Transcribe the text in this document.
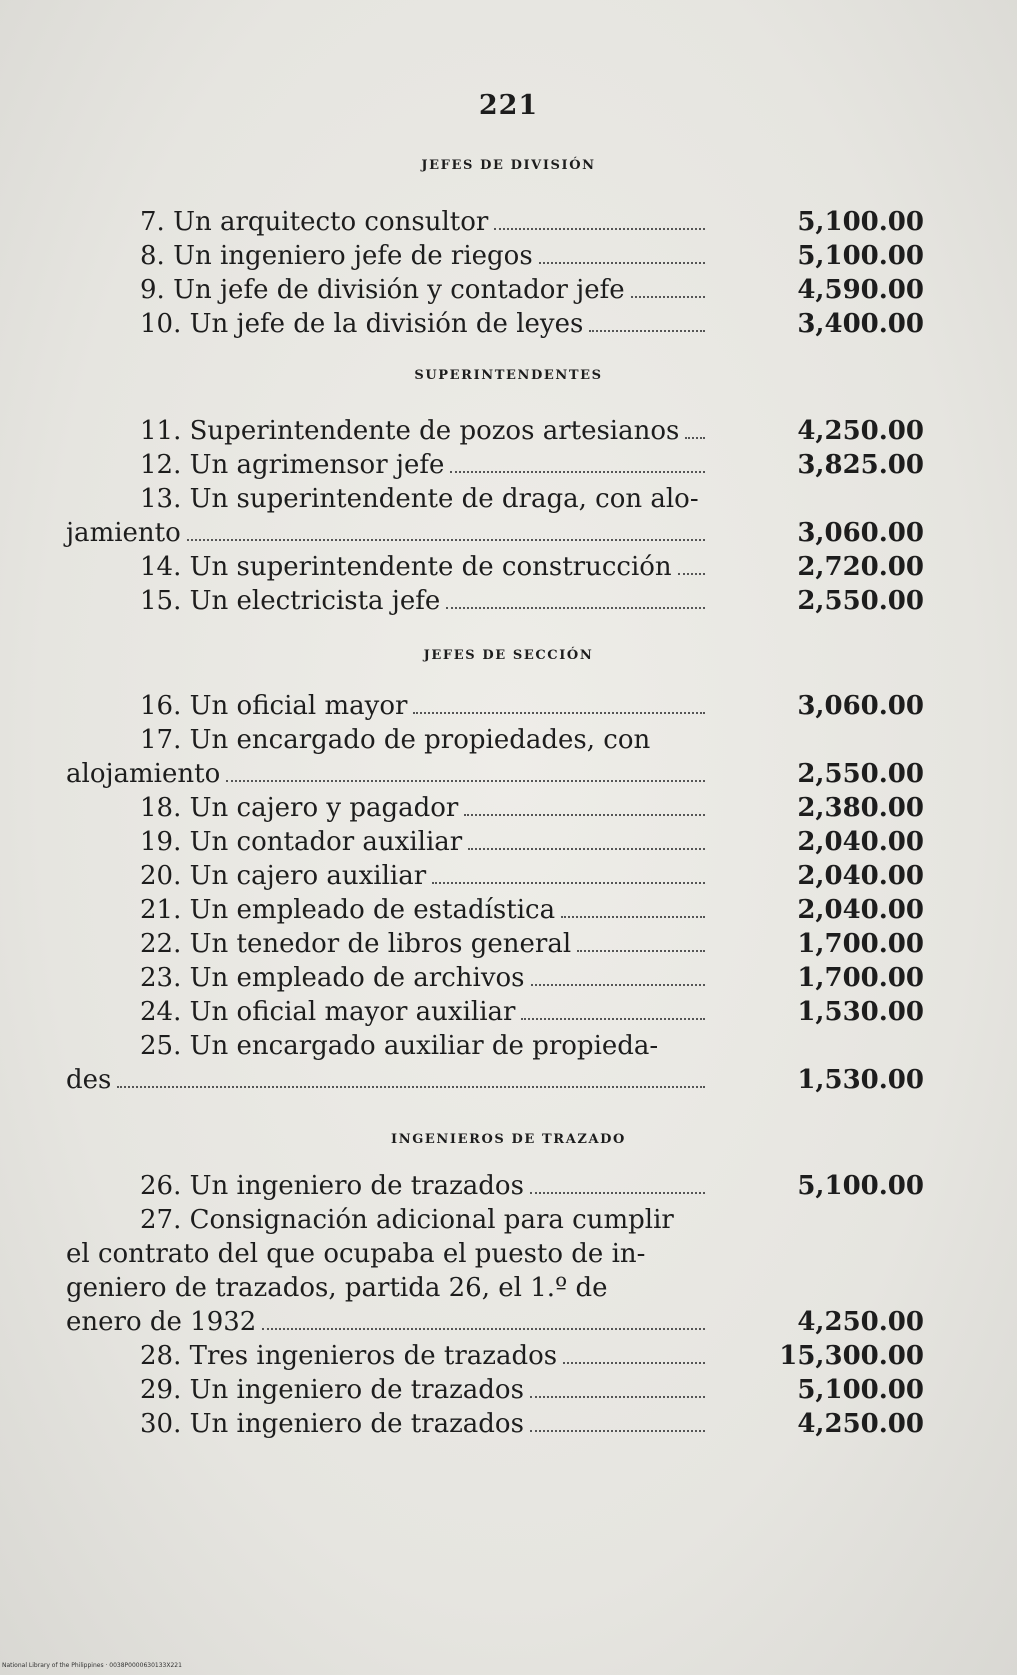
221
JEFES DE DIVISIÓN
7. Un arquitecto consultor	5,100.00
8. Un ingeniero jefe de riegos	5,100.00
9. Un jefe de división y contador jefe	4,590.00
10. Un jefe de la división de leyes	3,400.00
SUPERINTENDENTES
11. Superintendente de pozos artesianos	4,250.00
12. Un agrimensor jefe	3,825.00
13. Un superintendente de draga, con alo-
jamiento	3,060.00
14. Un superintendente de construcción	2,720.00
15. Un electricista jefe	2,550.00
JEFES DE SECCIÓN
16. Un oficial mayor	3,060.00
17. Un encargado de propiedades, con
alojamiento	2,550.00
18. Un cajero y pagador	2,380.00
19. Un contador auxiliar	2,040.00
20. Un cajero auxiliar	2,040.00
21. Un empleado de estadística	2,040.00
22. Un tenedor de libros general	1,700.00
23. Un empleado de archivos	1,700.00
24. Un oficial mayor auxiliar	1,530.00
25. Un encargado auxiliar de propieda-
des	1,530.00
INGENIEROS DE TRAZADO
26. Un ingeniero de trazados	5,100.00
27. Consignación adicional para cumplir
el contrato del que ocupaba el puesto de in-
geniero de trazados, partida 26, el 1.º de
enero de 1932	4,250.00
28. Tres ingenieros de trazados	15,300.00
29. Un ingeniero de trazados	5,100.00
30. Un ingeniero de trazados	4,250.00
National Library of the Philippines · 0038P0000630133X221
